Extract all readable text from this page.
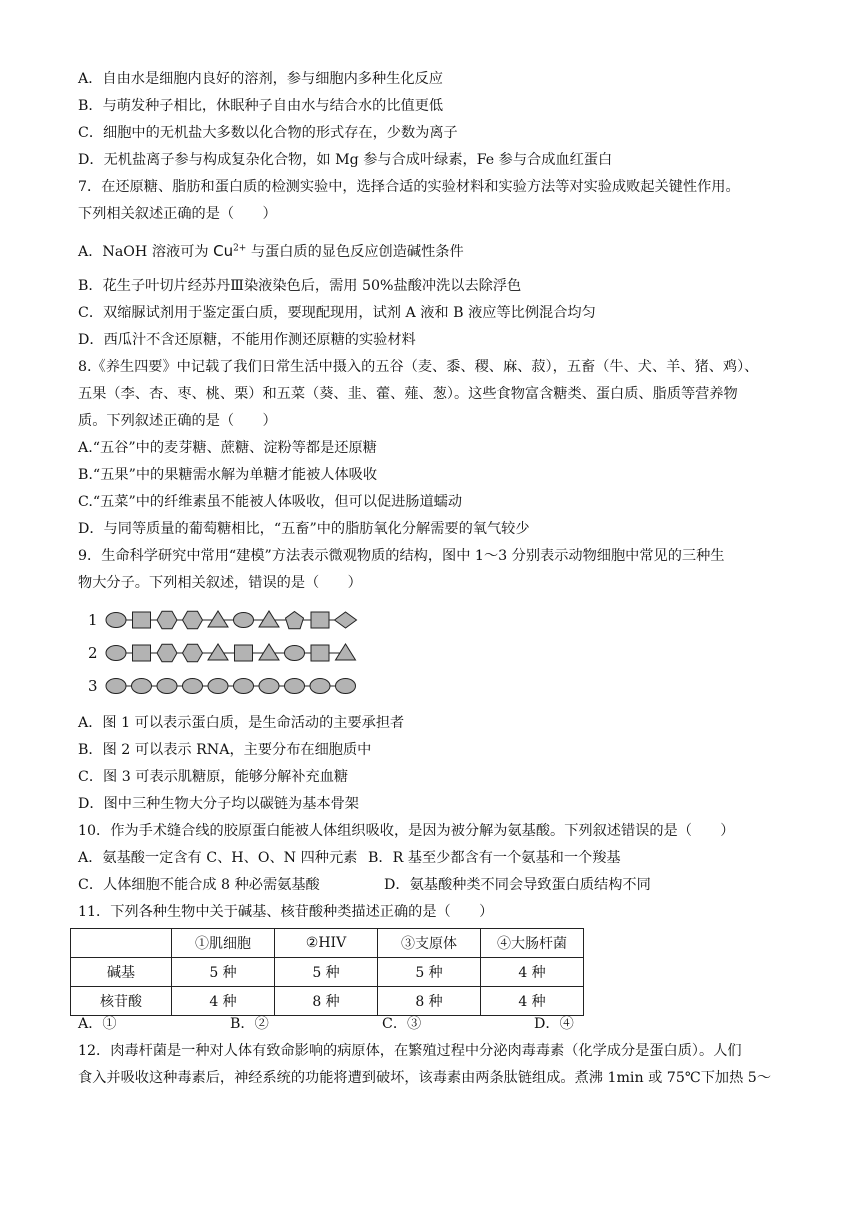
A．自由水是细胞内良好的溶剂，参与细胞内多种生化反应
B．与萌发种子相比，休眠种子自由水与结合水的比值更低
C．细胞中的无机盐大多数以化合物的形式存在，少数为离子
D．无机盐离子参与构成复杂化合物，如 Mg 参与合成叶绿素，Fe 参与合成血红蛋白
7．在还原糖、脂肪和蛋白质的检测实验中，选择合适的实验材料和实验方法等对实验成败起关键性作用。
下列相关叙述正确的是（　　）
A．NaOH 溶液可为 $Cu^{2+}$ 与蛋白质的显色反应创造碱性条件
B．花生子叶切片经苏丹Ⅲ染液染色后，需用 50%盐酸冲洗以去除浮色
C．双缩脲试剂用于鉴定蛋白质，要现配现用，试剂 A 液和 B 液应等比例混合均匀
D．西瓜汁不含还原糖，不能用作测还原糖的实验材料
8.《养生四要》中记载了我们日常生活中摄入的五谷（麦、黍、稷、麻、菽），五畜（牛、犬、羊、猪、鸡）、
五果（李、杏、枣、桃、栗）和五菜（葵、韭、藿、薤、葱）。这些食物富含糖类、蛋白质、脂质等营养物
质。下列叙述正确的是（　　）
A.“五谷”中的麦芽糖、蔗糖、淀粉等都是还原糖
B.“五果”中的果糖需水解为单糖才能被人体吸收
C.“五菜”中的纤维素虽不能被人体吸收，但可以促进肠道蠕动
D．与同等质量的葡萄糖相比，“五畜”中的脂肪氧化分解需要的氧气较少
9．生命科学研究中常用“建模”方法表示微观物质的结构，图中 1～3 分别表示动物细胞中常见的三种生
物大分子。下列相关叙述，错误的是（　　）
1
2
3
A．图 1 可以表示蛋白质，是生命活动的主要承担者
B．图 2 可以表示 RNA，主要分布在细胞质中
C．图 3 可表示肌糖原，能够分解补充血糖
D．图中三种生物大分子均以碳链为基本骨架
10．作为手术缝合线的胶原蛋白能被人体组织吸收，是因为被分解为氨基酸。下列叙述错误的是（　　）
A．氨基酸一定含有 C、H、O、N 四种元素 B．R 基至少都含有一个氨基和一个羧基
C．人体细胞不能合成 8 种必需氨基酸	D．氨基酸种类不同会导致蛋白质结构不同
11．下列各种生物中关于碱基、核苷酸种类描述正确的是（　　）
	①肌细胞	②HIV	③支原体	④大肠杆菌
碱基	5 种	5 种	5 种	4 种
核苷酸	4 种	8 种	8 种	4 种
A．①	B．②	C．③	D．④
12．肉毒杆菌是一种对人体有致命影响的病原体，在繁殖过程中分泌肉毒毒素（化学成分是蛋白质）。人们
食入并吸收这种毒素后，神经系统的功能将遭到破坏，该毒素由两条肽链组成。煮沸 1min 或 75℃下加热 5～
